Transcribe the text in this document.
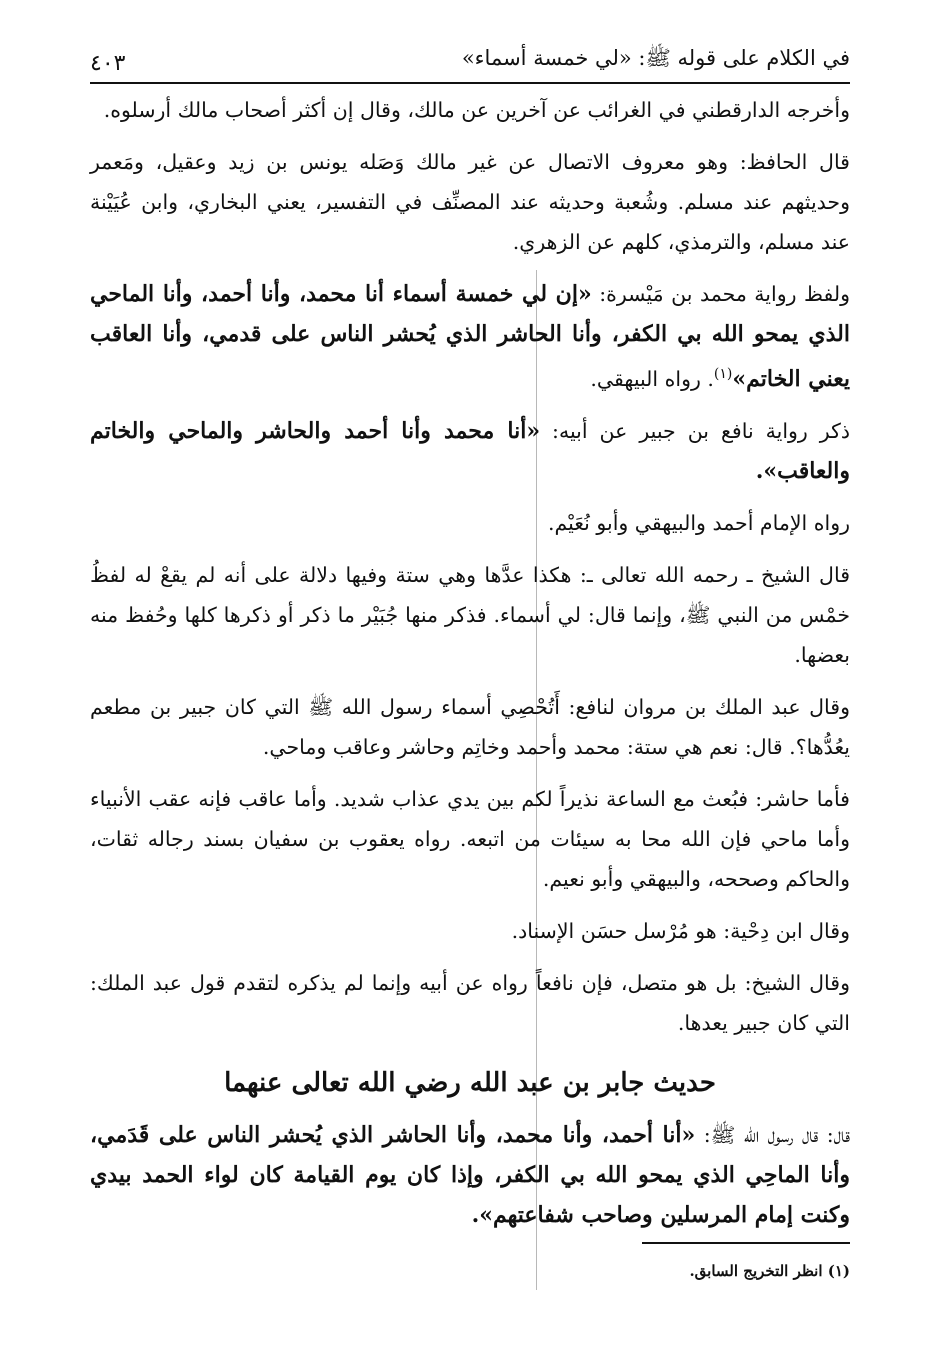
في الكلام على قوله ﷺ: «لي خمسة أسماء»
٤٠٣

وأخرجه الدارقطني في الغرائب عن آخرين عن مالك، وقال إن أكثر أصحاب مالك أرسلوه.

قال الحافظ: وهو معروف الاتصال عن غير مالك وَصَله يونس بن زيد وعقيل، ومَعمر وحديثهم عند مسلم. وشُعبة وحديثه عند المصنِّف في التفسير، يعني البخاري، وابن عُيَيْنة عند مسلم، والترمذي، كلهم عن الزهري.

ولفظ رواية محمد بن مَيْسرة: «إن لي خمسة أسماء أنا محمد، وأنا أحمد، وأنا الماحي الذي يمحو الله بي الكفر، وأنا الحاشر الذي يُحشر الناس على قدمي، وأنا العاقب يعني الخاتم»$^{(١)}$. رواه البيهقي.

ذكر رواية نافع بن جبير عن أبيه: «أنا محمد وأنا أحمد والحاشر والماحي والخاتم والعاقب».

رواه الإمام أحمد والبيهقي وأبو نُعَيْم.

قال الشيخ ـ رحمه الله تعالى ـ: هكذا عدَّها وهي ستة وفيها دلالة على أنه لم يقعْ له لفظُ خمْس من النبي ﷺ، وإنما قال: لي أسماء. فذكر منها جُبَيْر ما ذكر أو ذكرها كلها وحُفظ منه بعضها.

وقال عبد الملك بن مروان لنافع: أَتُحْصِي أسماء رسول الله ﷺ التي كان جبير بن مطعم يعُدُّها؟. قال: نعم هي ستة: محمد وأحمد وخاتِم وحاشر وعاقب وماحي.

فأما حاشر: فبُعث مع الساعة نذيراً لكم بين يدي عذاب شديد. وأما عاقب فإنه عقب الأنبياء وأما ماحي فإن الله محا به سيئات من اتبعه. رواه يعقوب بن سفيان بسند رجاله ثقات، والحاكم وصححه، والبيهقي وأبو نعيم.

وقال ابن دِحْية: هو مُرْسل حسَن الإسناد.

وقال الشيخ: بل هو متصل، فإن نافعاً رواه عن أبيه وإنما لم يذكره لتقدم قول عبد الملك: التي كان جبير يعدها.

حديث جابر بن عبد الله رضي الله تعالى عنهما

قال: قال رسول الله ﷺ: «أنا أحمد، وأنا محمد، وأنا الحاشر الذي يُحشر الناس على قَدَمي، وأنا الماحِي الذي يمحو الله بي الكفر، وإذا كان يوم القيامة كان لواء الحمد بيدي وكنت إمام المرسلين وصاحب شفاعتهم».

(١) انظر التخريج السابق.
